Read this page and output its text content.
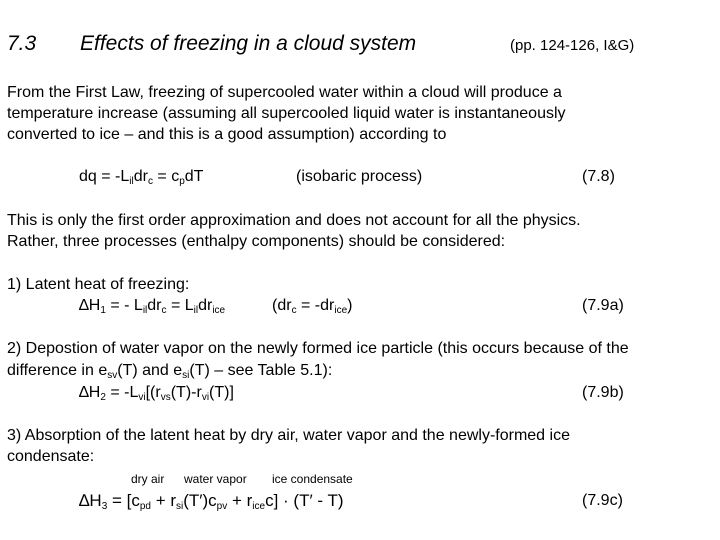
7.3 Effects of freezing in a cloud system	(pp. 124-126, I&G)
From the First Law, freezing of supercooled water within a cloud will produce a
temperature increase (assuming all supercooled liquid water is instantaneously
converted to ice – and this is a good assumption) according to
dq = $-L_{il}dr_c = c_pdT$	(isobaric process)	(7.8)
This is only the first order approximation and does not account for all the physics.
Rather, three processes (enthalpy components) should be considered:
1) Latent heat of freezing:
$\Delta H_1$ = - $L_{il}dr_c = L_{il}dr_{ice}$	$(dr_c = -dr_{ice})$	(7.9a)
2) Depostion of water vapor on the newly formed ice particle (this occurs because of the
difference in $e_{sv}(T)$ and $e_{si}(T)$ – see Table 5.1):
$\Delta H_2 = -L_{vi}[(r_{vs}(T)-r_{vi}(T)]$	(7.9b)
3) Absorption of the latent heat by dry air, water vapor and the newly-formed ice
condensate:
dry air water vapor ice condensate
$\Delta H_3 = [c_{pd} + r_{si}(T')c_{pv} + r_{ice}c] \cdot (T' - T)$	(7.9c)
